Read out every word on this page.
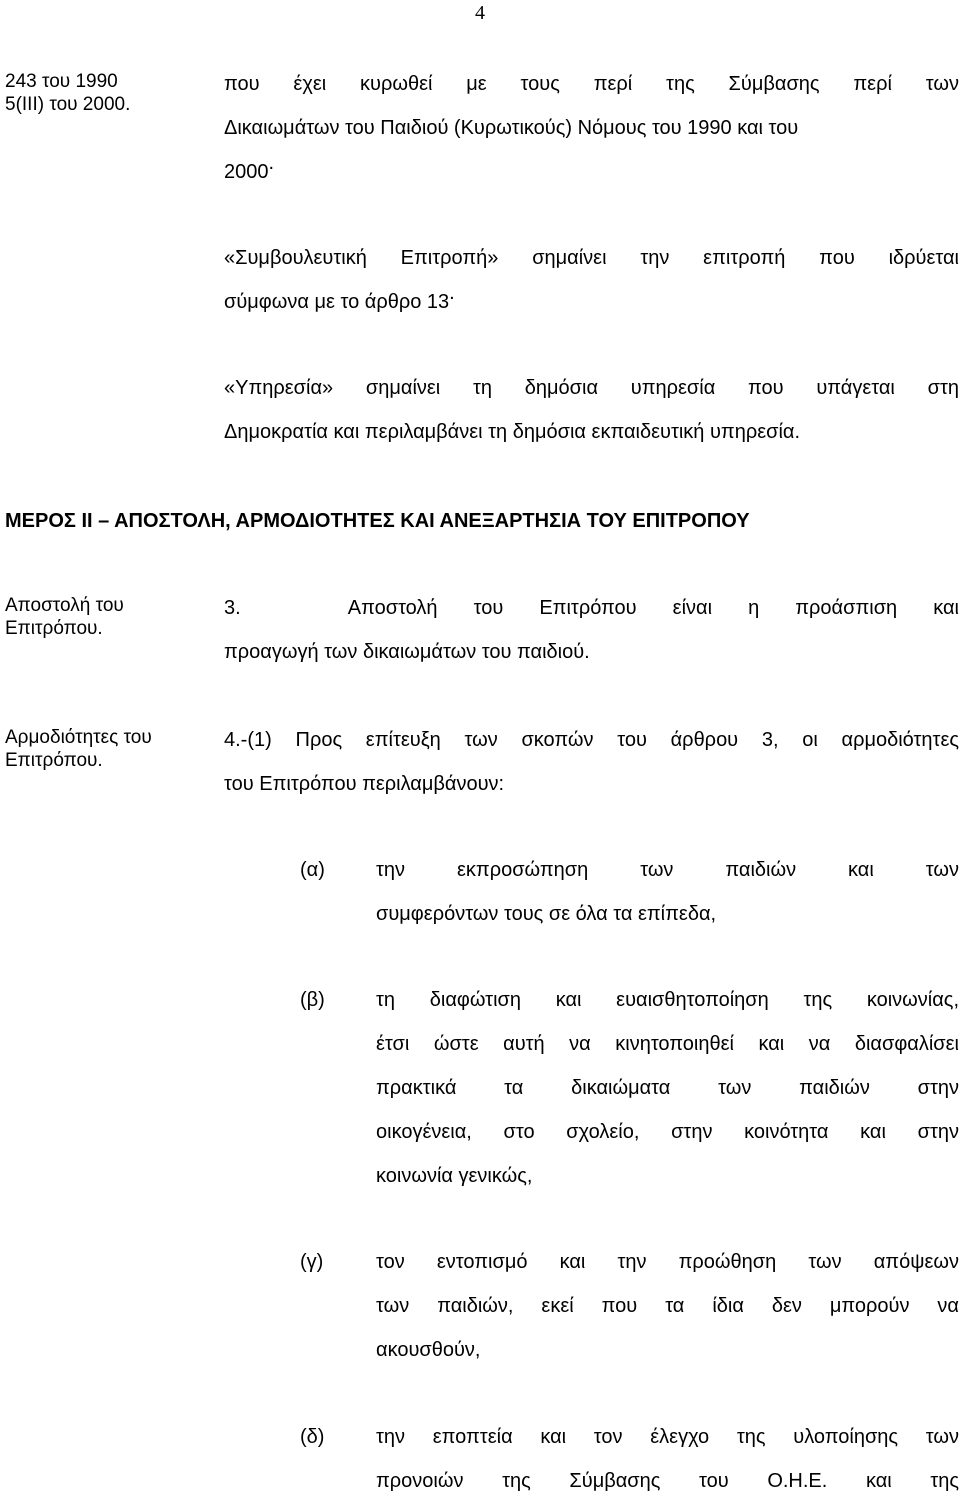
4
243 του 1990
5(III) του 2000.
που έχει κυρωθεί με τους περί της Σύμβασης περί των
Δικαιωμάτων του Παιδιού (Κυρωτικούς) Νόμους του 1990 και του
2000.
«Συμβουλευτική Επιτροπή» σημαίνει την επιτροπή που ιδρύεται
σύμφωνα με το άρθρο 13.
«Υπηρεσία» σημαίνει τη δημόσια υπηρεσία που υπάγεται στη
Δημοκρατία και περιλαμβάνει τη δημόσια εκπαιδευτική υπηρεσία.
ΜΕΡΟΣ ΙΙ – ΑΠΟΣΤΟΛΗ, ΑΡΜΟΔΙΟΤΗΤΕΣ ΚΑΙ ΑΝΕΞΑΡΤΗΣΙΑ ΤΟΥ ΕΠΙΤΡΟΠΟΥ
Αποστολή του
Επιτρόπου.
3.   Αποστολή του Επιτρόπου είναι η προάσπιση και
προαγωγή των δικαιωμάτων του παιδιού.
Αρμοδιότητες του
Επιτρόπου.
4.-(1) Προς επίτευξη των σκοπών του άρθρου 3, οι αρμοδιότητες
του Επιτρόπου περιλαμβάνουν:
(α)	την εκπροσώπηση των παιδιών και των
συμφερόντων τους σε όλα τα επίπεδα,
(β)	τη διαφώτιση και ευαισθητοποίηση της κοινωνίας,
έτσι ώστε αυτή να κινητοποιηθεί και να διασφαλίσει
πρακτικά τα δικαιώματα των παιδιών στην
οικογένεια, στο σχολείο, στην κοινότητα και στην
κοινωνία γενικώς,
(γ)	τον εντοπισμό και την προώθηση των απόψεων
των παιδιών, εκεί που τα ίδια δεν μπορούν να
ακουσθούν,
(δ)	την εποπτεία και τον έλεγχο της υλοποίησης των
προνοιών της Σύμβασης του Ο.Η.Ε. και της
